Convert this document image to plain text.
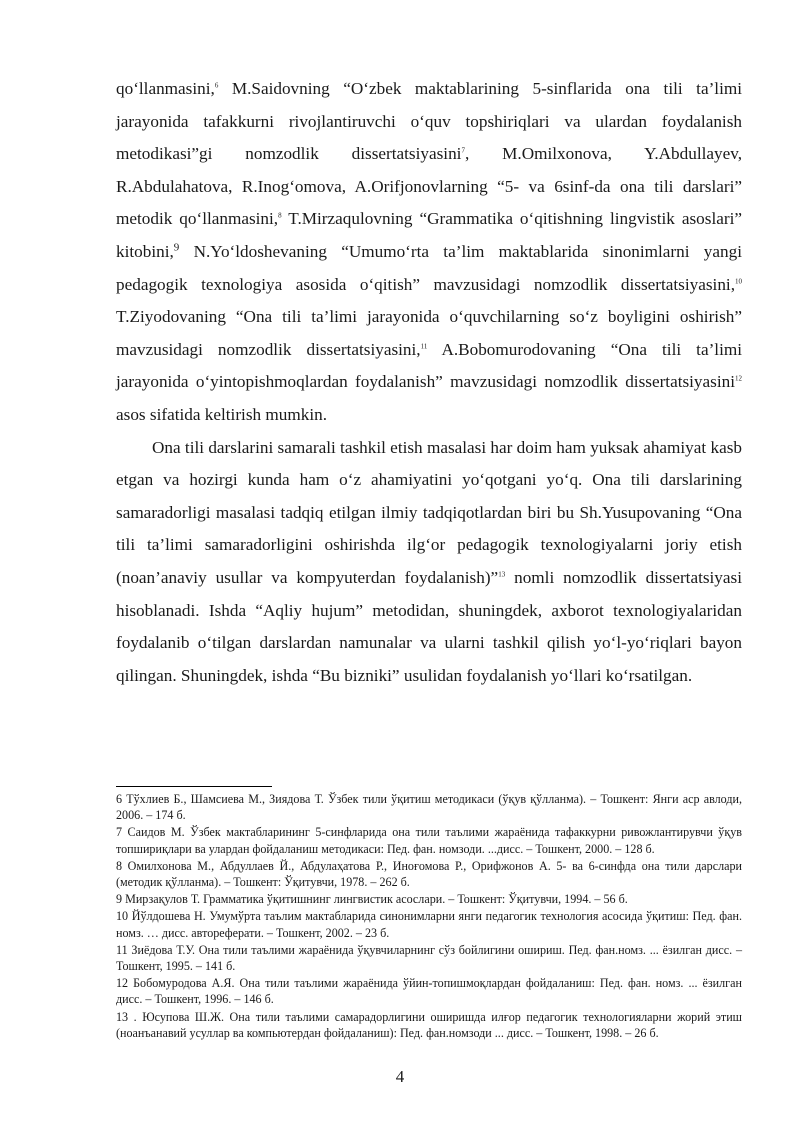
qo‘llanmasini,$^6$ M.Saidovning “O‘zbek maktablarining 5-sinflarida ona tili ta’limi jarayonida tafakkurni rivojlantiruvchi o‘quv topshiriqlari va ulardan foydalanish metodikasi”gi nomzodlik dissertatsiyasini$^7$, M.Omilxonova, Y.Abdullayev, R.Abdulahatova, R.Inog‘omova, A.Orifjonovlarning “5- va 6sinf-da ona tili darslari” metodik qo‘llanmasini,$^8$ T.Mirzaqulovning “Grammatika o‘qitishning lingvistik asoslari” kitobini,$^9$ N.Yo‘ldoshevaning “Umumo‘rta ta’lim maktablarida sinonimlarni yangi pedagogik texnologiya asosida o‘qitish” mavzusidagi nomzodlik dissertatsiyasini,$^{10}$ T.Ziyodovaning “Ona tili ta’limi jarayonida o‘quvchilarning so‘z boyligini oshirish” mavzusidagi nomzodlik dissertatsiyasini,$^{11}$ A.Bobomurodovaning “Ona tili ta’limi jarayonida o‘yintopishmoqlardan foydalanish” mavzusidagi nomzodlik dissertatsiyasini$^{12}$ asos sifatida keltirish mumkin.

Ona tili darslarini samarali tashkil etish masalasi har doim ham yuksak ahamiyat kasb etgan va hozirgi kunda ham o‘z ahamiyatini yo‘qotgani yo‘q. Ona tili darslarining samaradorligi masalasi tadqiq etilgan ilmiy tadqiqotlardan biri bu Sh.Yusupovaning “Ona tili ta’limi samaradorligini oshirishda ilg‘or pedagogik texnologiyalarni joriy etish (noan’anaviy usullar va kompyuterdan foydalanish)”$^{13}$ nomli nomzodlik dissertatsiyasi hisoblanadi. Ishda “Aqliy hujum” metodidan, shuningdek, axborot texnologiyalaridan foydalanib o‘tilgan darslardan namunalar va ularni tashkil qilish yo‘l-yo‘riqlari bayon qilingan. Shuningdek, ishda “Bu bizniki” usulidan foydalanish yo‘llari ko‘rsatilgan.

6 Тўхлиев Б., Шамсиева М., Зиядова Т. Ўзбек тили ўқитиш методикаси (ўқув қўлланма). – Тошкент: Янги аср авлоди, 2006. – 174 б.
7 Саидов М. Ўзбек мактабларининг 5-синфларида она тили таълими жараёнида тафаккурни ривожлантирувчи ўқув топшириқлари ва улардан фойдаланиш методикаси: Пед. фан. номзоди. ...дисс. – Тошкент, 2000. – 128 б.
8 Омилхонова М., Абдуллаев Й., Абдулаҳатова Р., Иноғомова Р., Орифжонов А. 5- ва 6-синфда она тили дарслари (методик қўлланма). – Тошкент: Ўқитувчи, 1978. – 262 б.
9 Мирзақулов Т. Грамматика ўқитишнинг лингвистик асослари. – Тошкент: Ўқитувчи, 1994. – 56 б.
10 Йўлдошева Н. Умумўрта таълим мактабларида синонимларни янги педагогик технология асосида ўқитиш: Пед. фан. номз. … дисс. автореферати. – Тошкент, 2002. – 23 б.
11 Зиёдова Т.У. Она тили таълими жараёнида ўқувчиларнинг сўз бойлигини ошириш. Пед. фан.номз. ... ёзилган дисс. – Тошкент, 1995. – 141 б.
12 Бобомуродова А.Я. Она тили таълими жараёнида ўйин-топишмоқлардан фойдаланиш: Пед. фан. номз. ... ёзилган дисс. – Тошкент, 1996. – 146 б.
13 . Юсупова Ш.Ж. Она тили таълими самарадорлигини оширишда илғор педагогик технологияларни жорий этиш (ноанъанавий усуллар ва компьютердан фойдаланиш): Пед. фан.номзоди ... дисс. – Тошкент, 1998. – 26 б.
4
